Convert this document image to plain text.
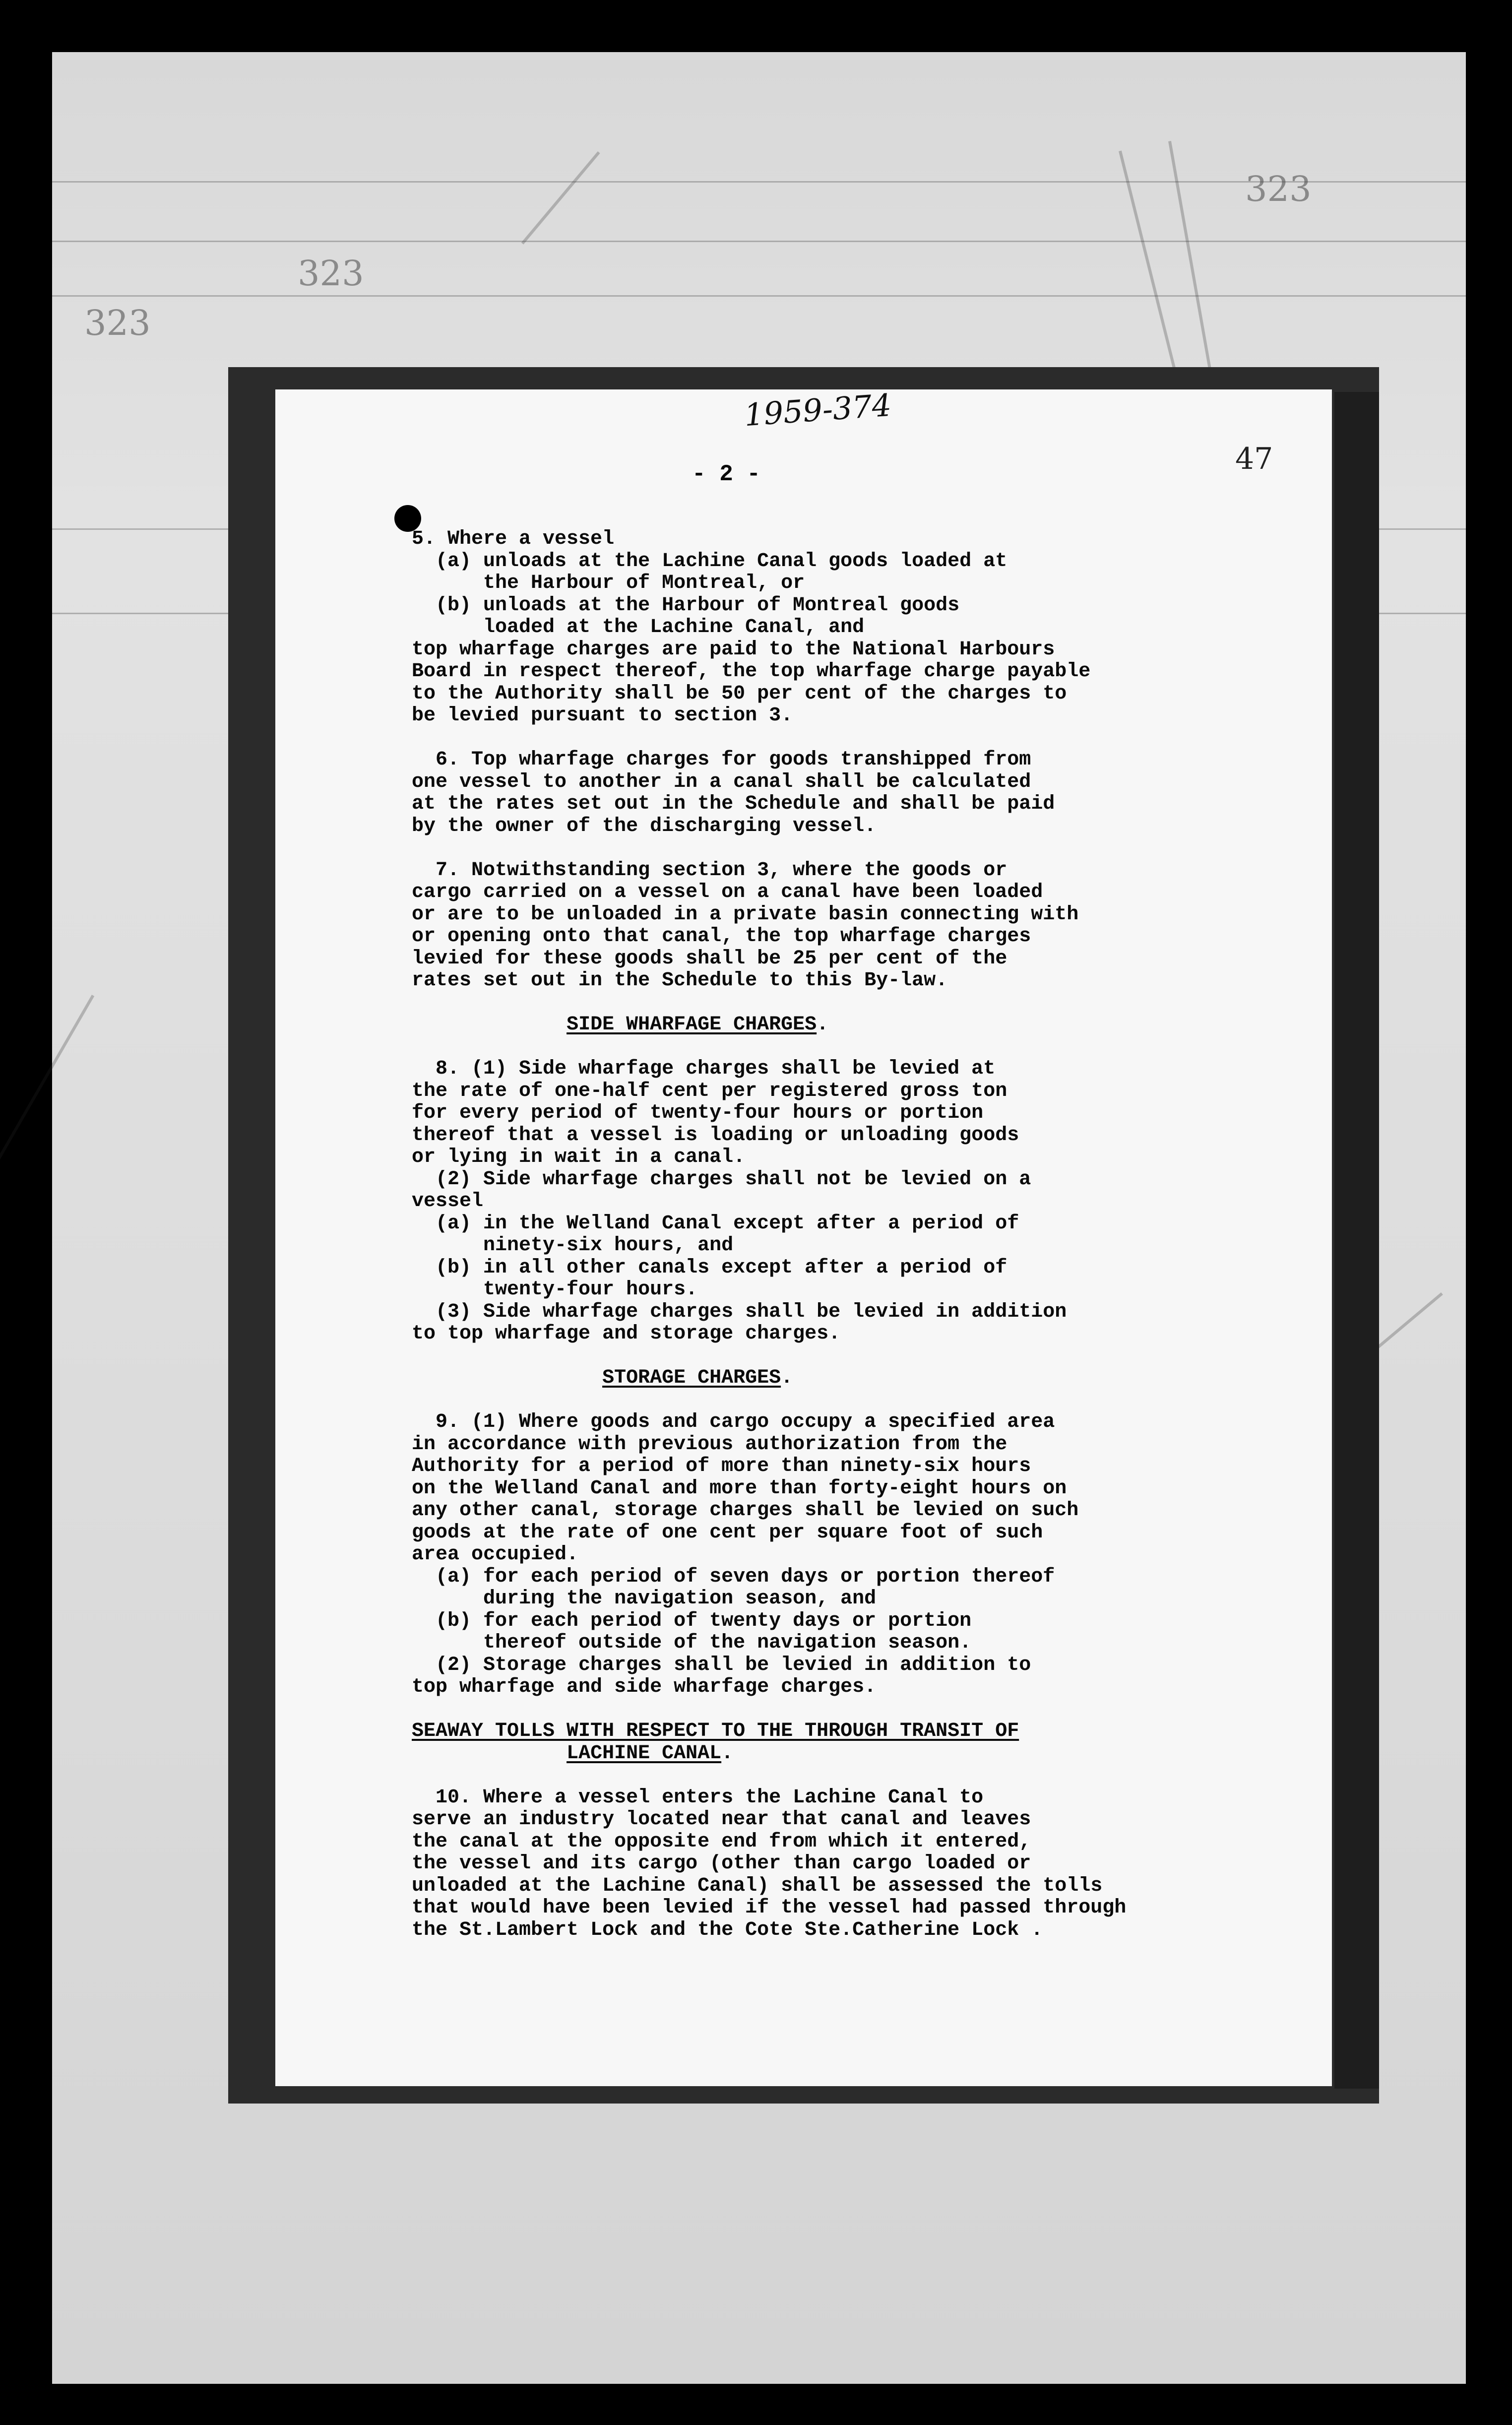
323
323
323
1959-374
47
- 2 -
5. Where a vessel
(a) unloads at the Lachine Canal goods loaded at
the Harbour of Montreal, or
(b) unloads at the Harbour of Montreal goods
loaded at the Lachine Canal, and
top wharfage charges are paid to the National Harbours
Board in respect thereof, the top wharfage charge payable
to the Authority shall be 50 per cent of the charges to
be levied pursuant to section 3.
6. Top wharfage charges for goods transhipped from
one vessel to another in a canal shall be calculated
at the rates set out in the Schedule and shall be paid
by the owner of the discharging vessel.
7. Notwithstanding section 3, where the goods or
cargo carried on a vessel on a canal have been loaded
or are to be unloaded in a private basin connecting with
or opening onto that canal, the top wharfage charges
levied for these goods shall be 25 per cent of the
rates set out in the Schedule to this By-law.
SIDE WHARFAGE CHARGES.
8. (1) Side wharfage charges shall be levied at
the rate of one-half cent per registered gross ton
for every period of twenty-four hours or portion
thereof that a vessel is loading or unloading goods
or lying in wait in a canal.
(2) Side wharfage charges shall not be levied on a
vessel
(a) in the Welland Canal except after a period of
ninety-six hours, and
(b) in all other canals except after a period of
twenty-four hours.
(3) Side wharfage charges shall be levied in addition
to top wharfage and storage charges.
STORAGE CHARGES.
9. (1) Where goods and cargo occupy a specified area
in accordance with previous authorization from the
Authority for a period of more than ninety-six hours
on the Welland Canal and more than forty-eight hours on
any other canal, storage charges shall be levied on such
goods at the rate of one cent per square foot of such
area occupied.
(a) for each period of seven days or portion thereof
during the navigation season, and
(b) for each period of twenty days or portion
thereof outside of the navigation season.
(2) Storage charges shall be levied in addition to
top wharfage and side wharfage charges.
SEAWAY TOLLS WITH RESPECT TO THE THROUGH TRANSIT OF
LACHINE CANAL.
10. Where a vessel enters the Lachine Canal to
serve an industry located near that canal and leaves
the canal at the opposite end from which it entered,
the vessel and its cargo (other than cargo loaded or
unloaded at the Lachine Canal) shall be assessed the tolls
that would have been levied if the vessel had passed through
the St.Lambert Lock and the Cote Ste.Catherine Lock .
